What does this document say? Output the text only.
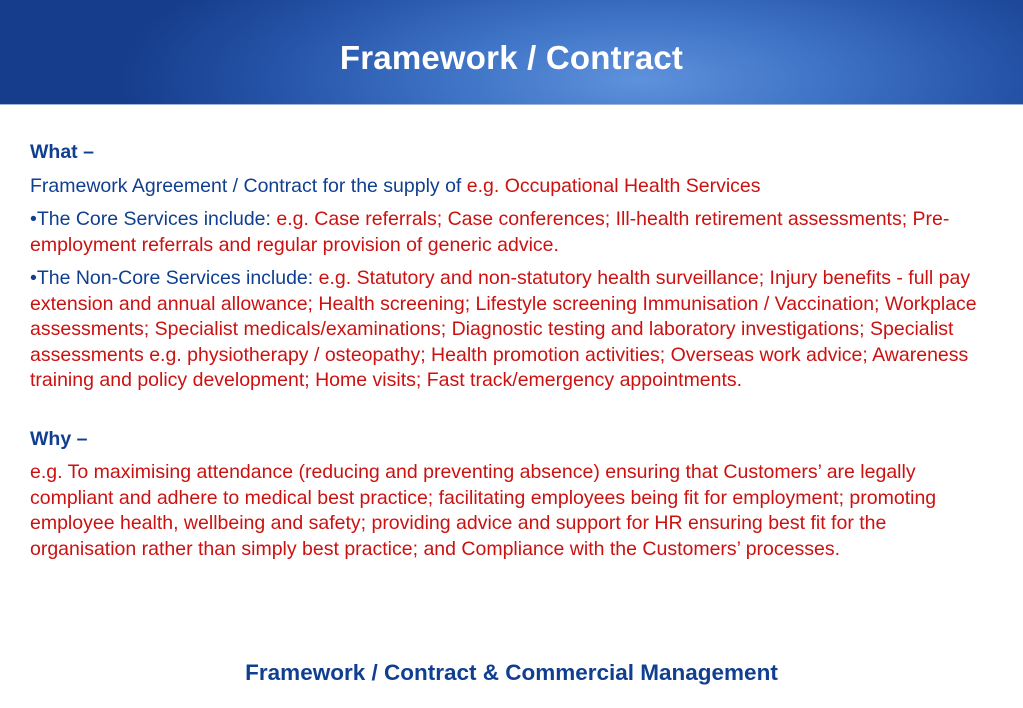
Framework / Contract

What –

Framework Agreement / Contract for the supply of e.g. Occupational Health Services

•The Core Services include: e.g. Case referrals; Case conferences; Ill-health retirement assessments; Pre-employment referrals and regular provision of generic advice.

•The Non-Core Services include: e.g. Statutory and non-statutory health surveillance; Injury benefits - full pay extension and annual allowance; Health screening; Lifestyle screening Immunisation / Vaccination; Workplace assessments; Specialist medicals/examinations; Diagnostic testing and laboratory investigations; Specialist assessments e.g. physiotherapy / osteopathy; Health promotion activities; Overseas work advice; Awareness training and policy development; Home visits; Fast track/emergency appointments.

Why –

e.g. To maximising attendance (reducing and preventing absence) ensuring that Customers’ are legally compliant and adhere to medical best practice; facilitating employees being fit for employment; promoting employee health, wellbeing and safety; providing advice and support for HR ensuring best fit for the organisation rather than simply best practice; and Compliance with the Customers’ processes.

Framework / Contract & Commercial Management
